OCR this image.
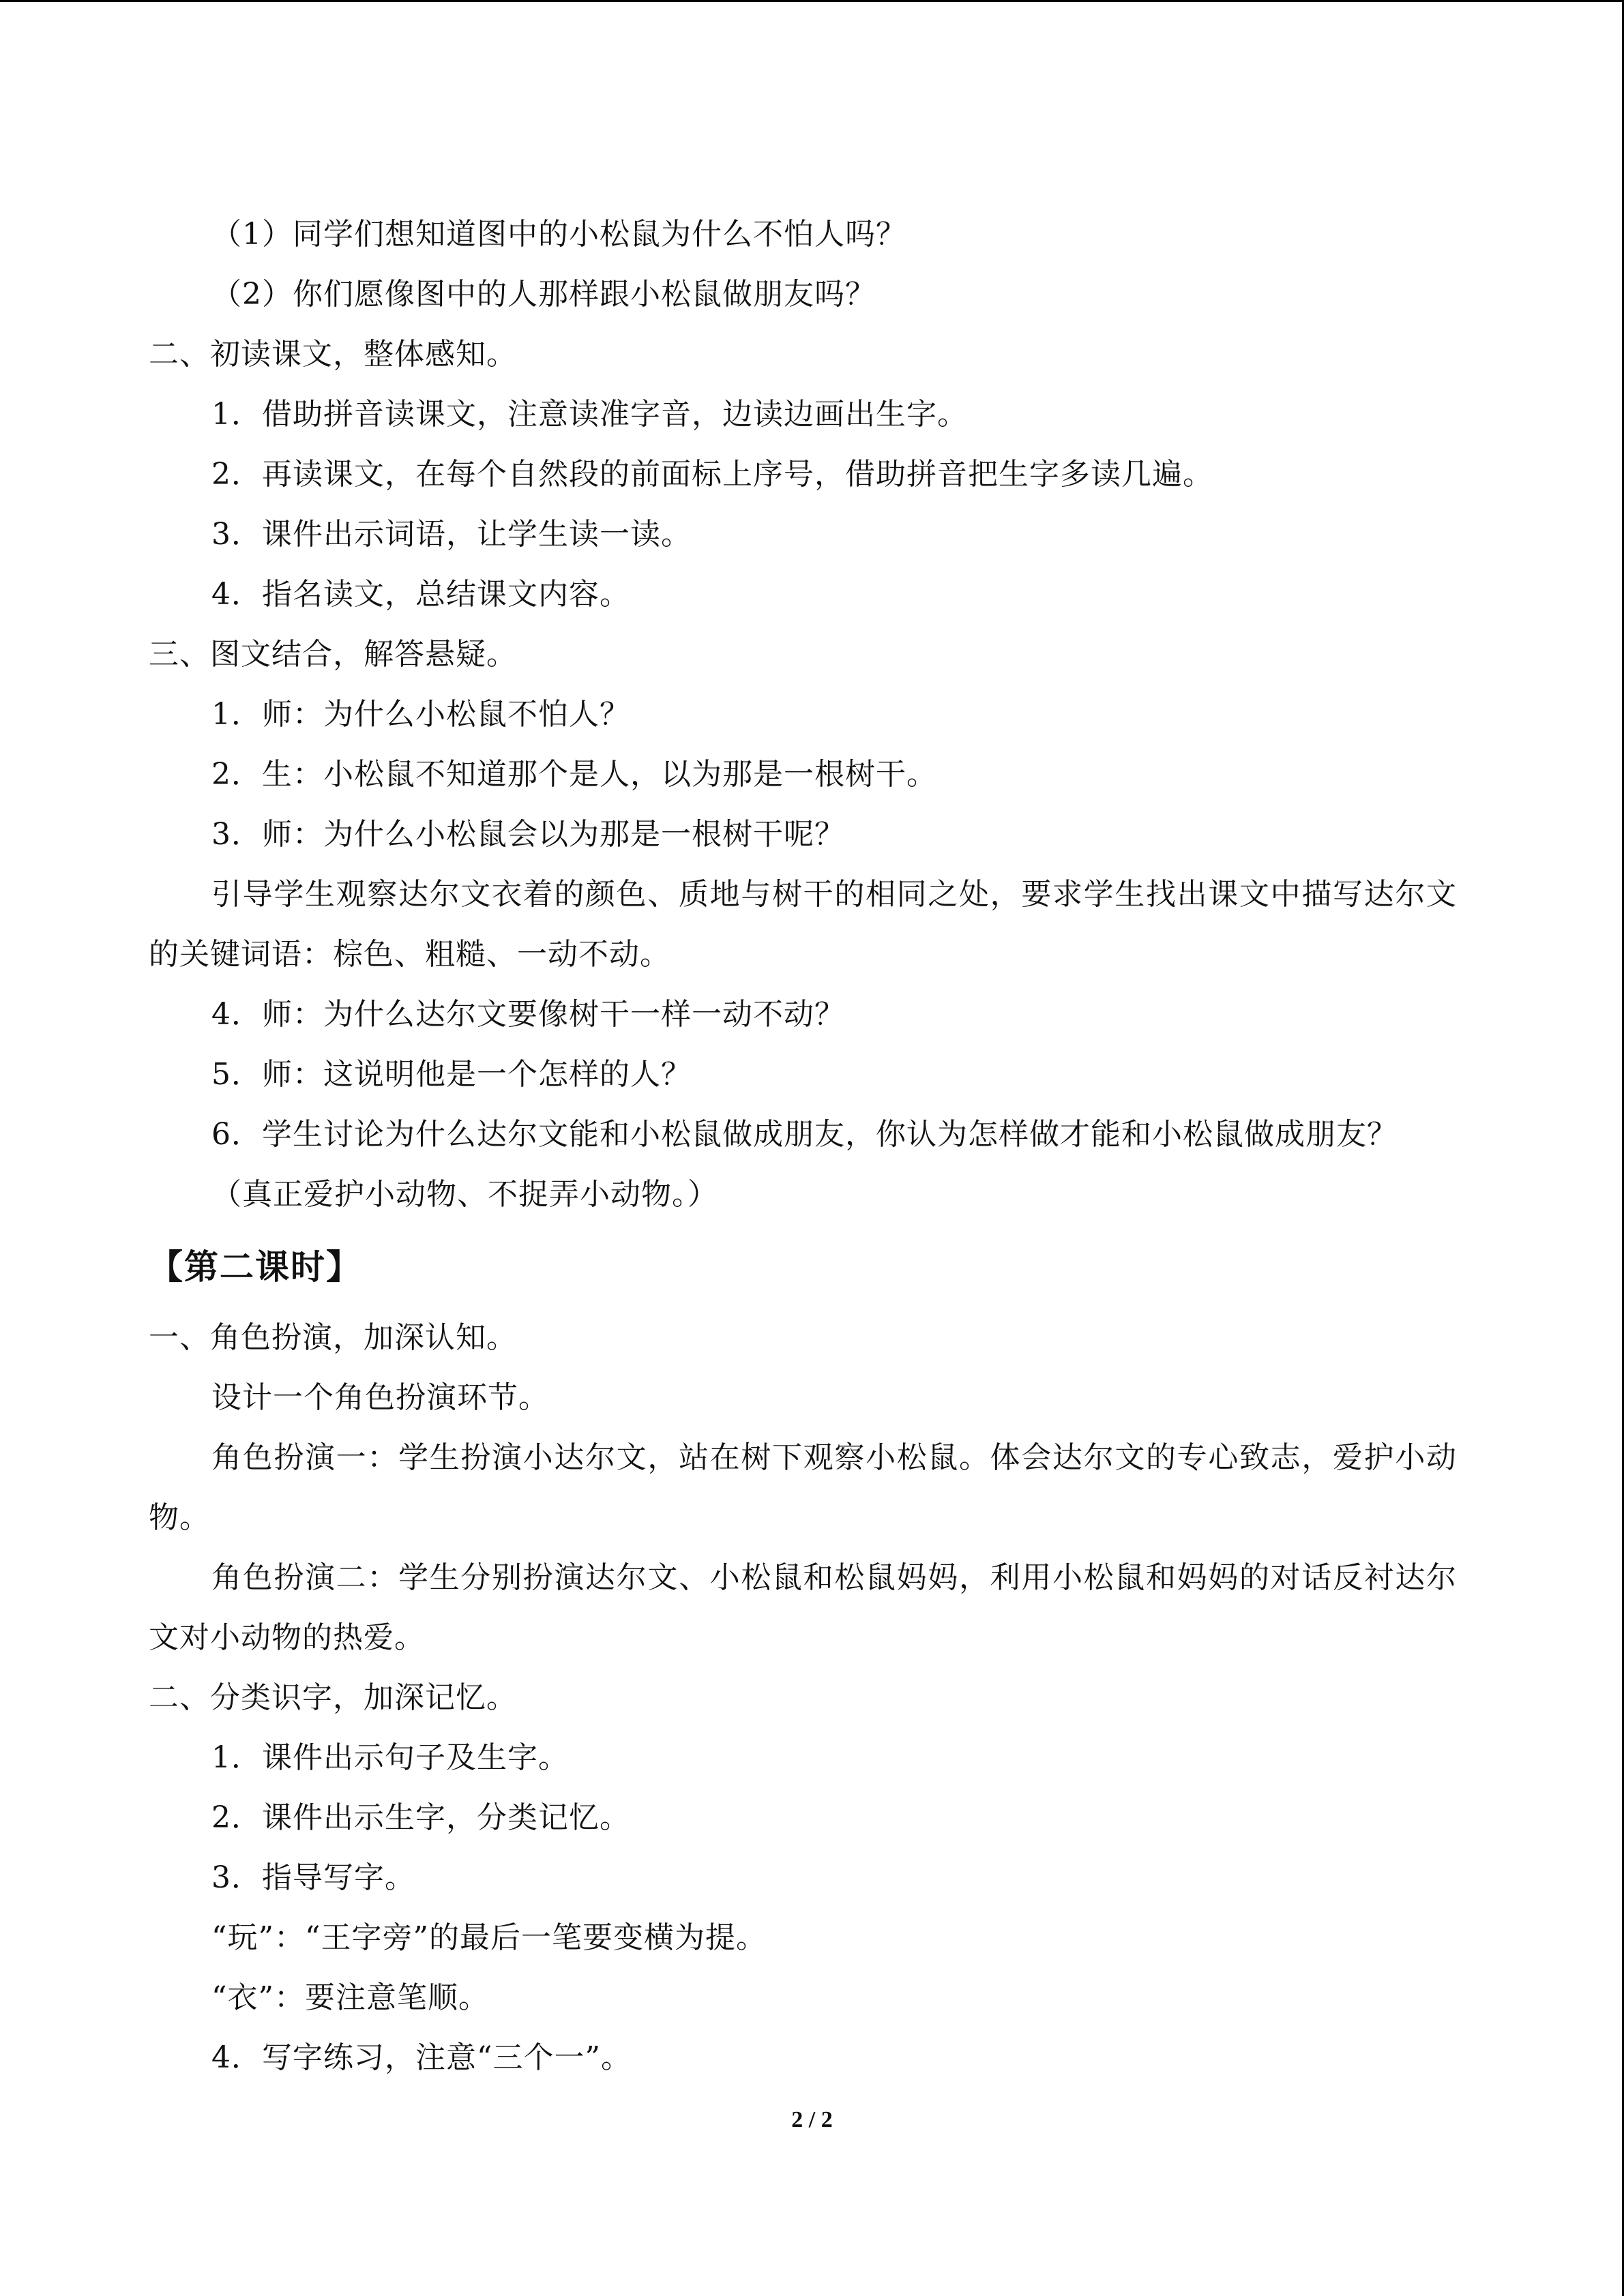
（1）同学们想知道图中的小松鼠为什么不怕人吗？
（2）你们愿像图中的人那样跟小松鼠做朋友吗？
二、初读课文，整体感知。
1．借助拼音读课文，注意读准字音，边读边画出生字。
2．再读课文，在每个自然段的前面标上序号，借助拼音把生字多读几遍。
3．课件出示词语，让学生读一读。
4．指名读文，总结课文内容。
三、图文结合，解答悬疑。
1．师：为什么小松鼠不怕人？
2．生：小松鼠不知道那个是人，以为那是一根树干。
3．师：为什么小松鼠会以为那是一根树干呢？
引导学生观察达尔文衣着的颜色、质地与树干的相同之处，要求学生找出课文中描写达尔文的关键词语：棕色、粗糙、一动不动。
4．师：为什么达尔文要像树干一样一动不动？
5．师：这说明他是一个怎样的人？
6．学生讨论为什么达尔文能和小松鼠做成朋友，你认为怎样做才能和小松鼠做成朋友？
（真正爱护小动物、不捉弄小动物。）
【第二课时】
一、角色扮演，加深认知。
设计一个角色扮演环节。
角色扮演一：学生扮演小达尔文，站在树下观察小松鼠。体会达尔文的专心致志，爱护小动物。
角色扮演二：学生分别扮演达尔文、小松鼠和松鼠妈妈，利用小松鼠和妈妈的对话反衬达尔文对小动物的热爱。
二、分类识字，加深记忆。
1．课件出示句子及生字。
2．课件出示生字，分类记忆。
3．指导写字。
“玩”：“王字旁”的最后一笔要变横为提。
“衣”：要注意笔顺。
4．写字练习，注意“三个一”。
2 / 2
